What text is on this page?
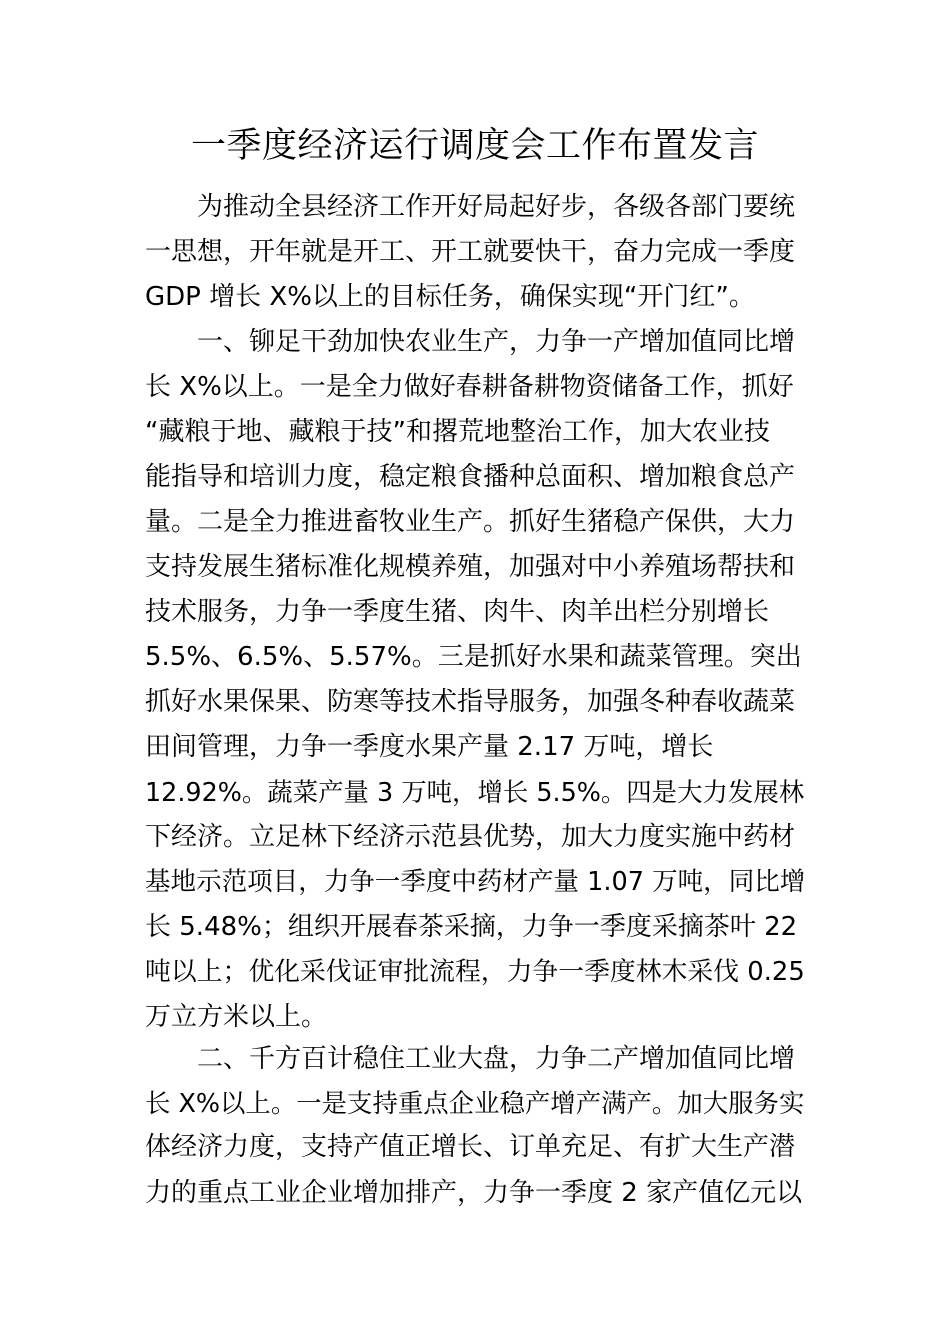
一季度经济运行调度会工作布置发言

为推动全县经济工作开好局起好步，各级各部门要统

一思想，开年就是开工、开工就要快干，奋力完成一季度

GDP 增长 X%以上的目标任务，确保实现“开门红”。

一、铆足干劲加快农业生产，力争一产增加值同比增

长 X%以上。一是全力做好春耕备耕物资储备工作，抓好

“藏粮于地、藏粮于技”和撂荒地整治工作，加大农业技

能指导和培训力度，稳定粮食播种总面积、增加粮食总产

量。二是全力推进畜牧业生产。抓好生猪稳产保供，大力

支持发展生猪标准化规模养殖，加强对中小养殖场帮扶和

技术服务，力争一季度生猪、肉牛、肉羊出栏分别增长

5.5%、6.5%、5.57%。三是抓好水果和蔬菜管理。突出

抓好水果保果、防寒等技术指导服务，加强冬种春收蔬菜

田间管理，力争一季度水果产量 2.17 万吨，增长

12.92%。蔬菜产量 3 万吨，增长 5.5%。四是大力发展林

下经济。立足林下经济示范县优势，加大力度实施中药材

基地示范项目，力争一季度中药材产量 1.07 万吨，同比增

长 5.48%；组织开展春茶采摘，力争一季度采摘茶叶 22

吨以上；优化采伐证审批流程，力争一季度林木采伐 0.25

万立方米以上。

二、千方百计稳住工业大盘，力争二产增加值同比增

长 X%以上。一是支持重点企业稳产增产满产。加大服务实

体经济力度，支持产值正增长、订单充足、有扩大生产潜

力的重点工业企业增加排产，力争一季度 2 家产值亿元以
